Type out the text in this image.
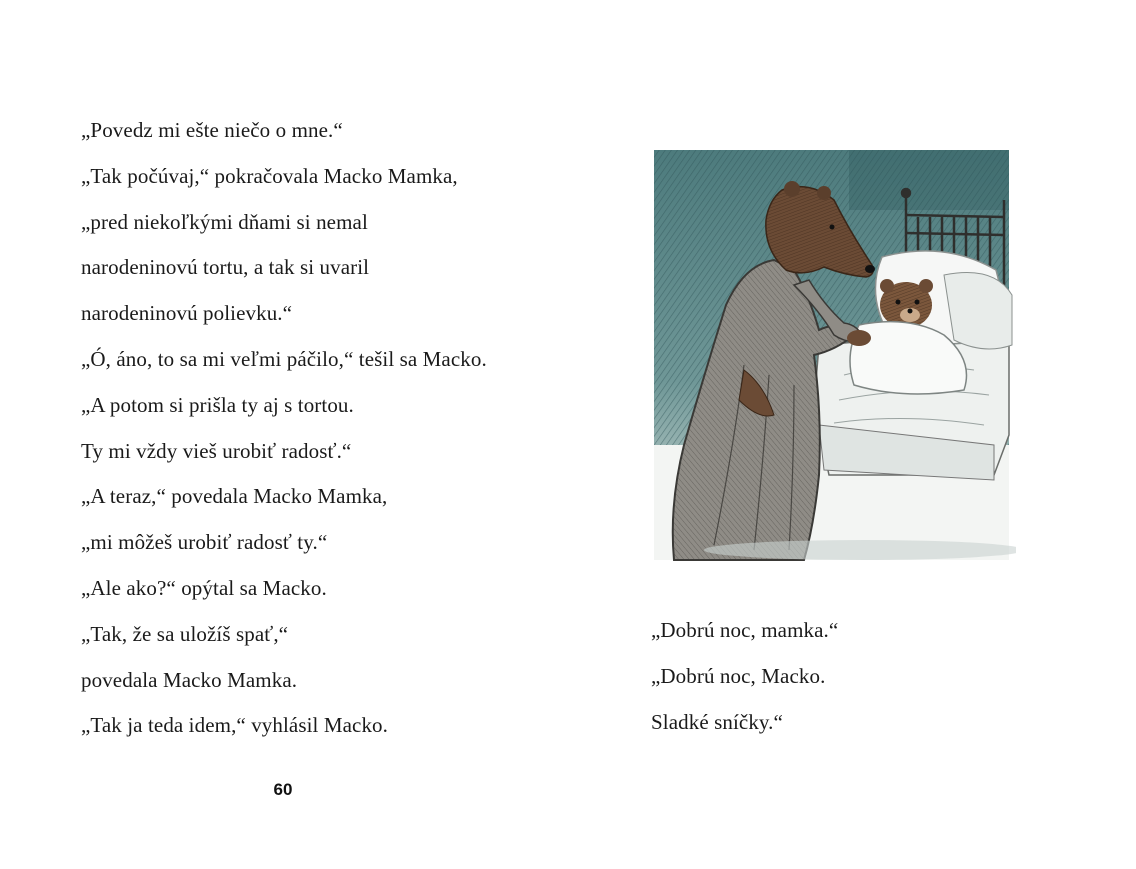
„Povedz mi ešte niečo o mne.“
„Tak počúvaj,“ pokračovala Macko Mamka,
„pred niekoľkými dňami si nemal
narodeninovú tortu, a tak si uvaril
narodeninovú polievku.“
„Ó, áno, to sa mi veľmi páčilo,“ tešil sa Macko.
„A potom si prišla ty aj s tortou.
Ty mi vždy vieš urobiť radosť.“
„A teraz,“ povedala Macko Mamka,
„mi môžeš urobiť radosť ty.“
„Ale ako?“ opýtal sa Macko.
„Tak, že sa uložíš spať,“
povedala Macko Mamka.
„Tak ja teda idem,“ vyhlásil Macko.
60
„Dobrú noc, mamka.“
„Dobrú noc, Macko.
Sladké sníčky.“
